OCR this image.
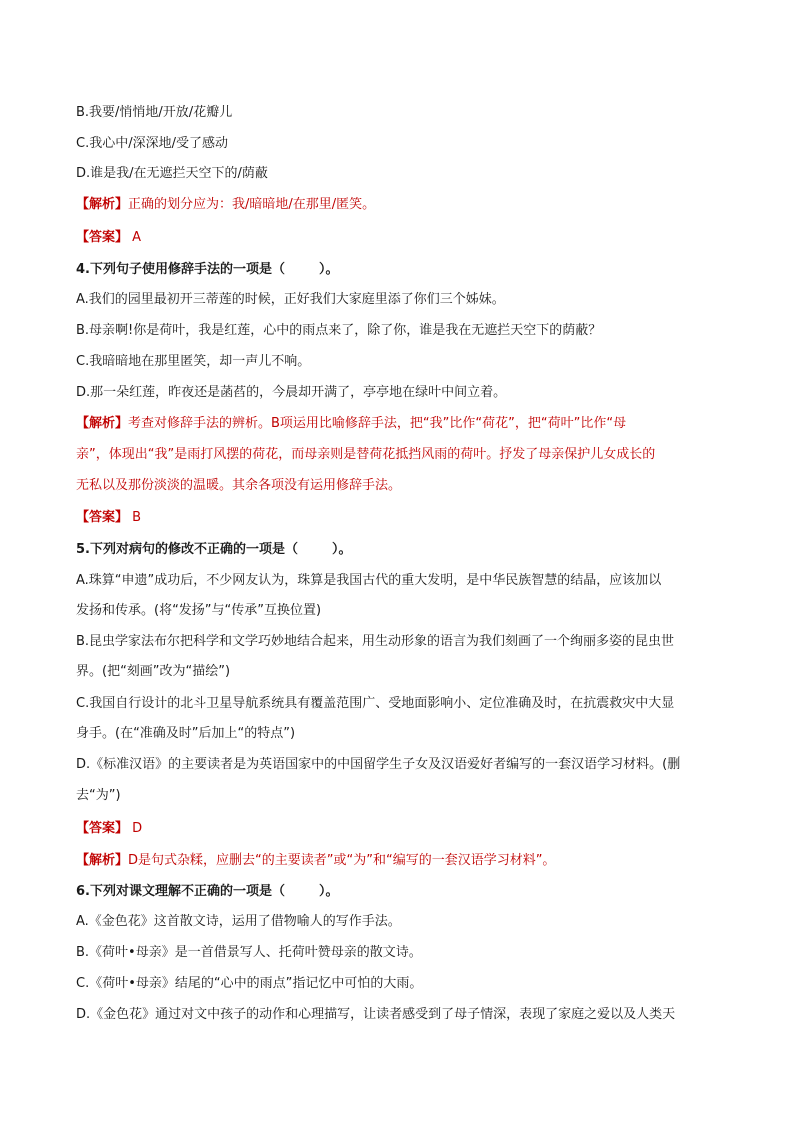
B.我要/悄悄地/开放/花瓣儿
C.我心中/深深地/受了感动
D.谁是我/在无遮拦天空下的/荫蔽
【解析】正确的划分应为：我/暗暗地/在那里/匿笑。
【答案】 A
4.下列句子使用修辞手法的一项是（	）。
A.我们的园里最初开三蒂莲的时候，正好我们大家庭里添了你们三个姊妹。
B.母亲啊!你是荷叶，我是红莲，心中的雨点来了，除了你，谁是我在无遮拦天空下的荫蔽？
C.我暗暗地在那里匿笑，却一声儿不响。
D.那一朵红莲，昨夜还是菡萏的，今晨却开满了，亭亭地在绿叶中间立着。
【解析】考查对修辞手法的辨析。B项运用比喻修辞手法，把“我”比作“荷花”，把“荷叶”比作“母
亲”，体现出“我”是雨打风摆的荷花，而母亲则是替荷花抵挡风雨的荷叶。抒发了母亲保护儿女成长的
无私以及那份淡淡的温暖。其余各项没有运用修辞手法。
【答案】 B
5.下列对病句的修改不正确的一项是（	）。
A.珠算“申遗”成功后，不少网友认为，珠算是我国古代的重大发明，是中华民族智慧的结晶，应该加以
发扬和传承。(将“发扬”与“传承”互换位置)
B.昆虫学家法布尔把科学和文学巧妙地结合起来，用生动形象的语言为我们刻画了一个绚丽多姿的昆虫世
界。(把“刻画”改为“描绘”)
C.我国自行设计的北斗卫星导航系统具有覆盖范围广、受地面影响小、定位准确及时，在抗震救灾中大显
身手。(在“准确及时”后加上“的特点”)
D.《标准汉语》的主要读者是为英语国家中的中国留学生子女及汉语爱好者编写的一套汉语学习材料。(删
去“为”)
【答案】 D
【解析】D是句式杂糅，应删去“的主要读者”或“为”和“编写的一套汉语学习材料”。
6.下列对课文理解不正确的一项是（	）。
A.《金色花》这首散文诗，运用了借物喻人的写作手法。
B.《荷叶•母亲》是一首借景写人、托荷叶赞母亲的散文诗。
C.《荷叶•母亲》结尾的“心中的雨点”指记忆中可怕的大雨。
D.《金色花》通过对文中孩子的动作和心理描写，让读者感受到了母子情深，表现了家庭之爱以及人类天
